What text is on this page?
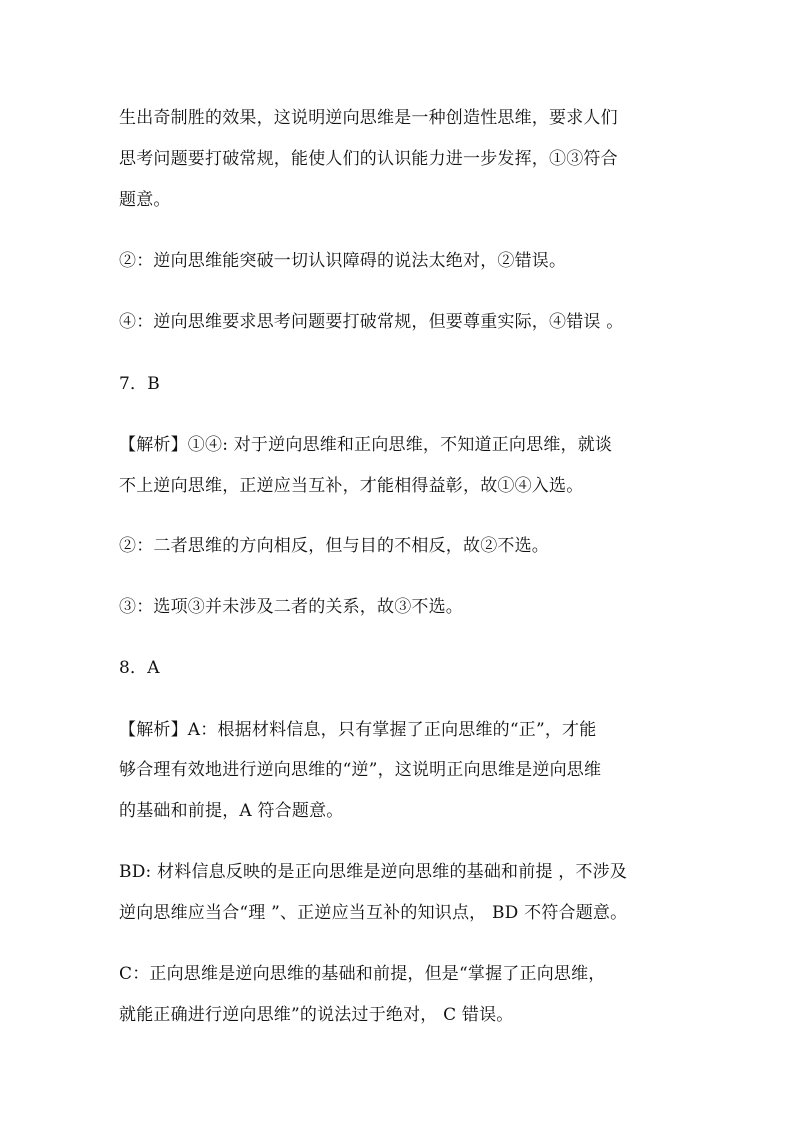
生出奇制胜的效果，这说明逆向思维是一种创造性思维，要求人们
思考问题要打破常规，能使人们的认识能力进一步发挥，①③符合
题意。
②：逆向思维能突破一切认识障碍的说法太绝对，②错误。
④：逆向思维要求思考问题要打破常规，但要尊重实际，④错误 。
7．B
【解析】①④: 对于逆向思维和正向思维，不知道正向思维，就谈
不上逆向思维，正逆应当互补，才能相得益彰，故①④入选。
②：二者思维的方向相反，但与目的不相反，故②不选。
③：选项③并未涉及二者的关系，故③不选。
8．A
【解析】A：根据材料信息，只有掌握了正向思维的“正”，才能
够合理有效地进行逆向思维的“逆”，这说明正向思维是逆向思维
的基础和前提，A 符合题意。
BD: 材料信息反映的是正向思维是逆向思维的基础和前提 ，不涉及
逆向思维应当合“理 ”、正逆应当互补的知识点， BD 不符合题意。
C：正向思维是逆向思维的基础和前提，但是“掌握了正向思维，
就能正确进行逆向思维”的说法过于绝对， C 错误。
